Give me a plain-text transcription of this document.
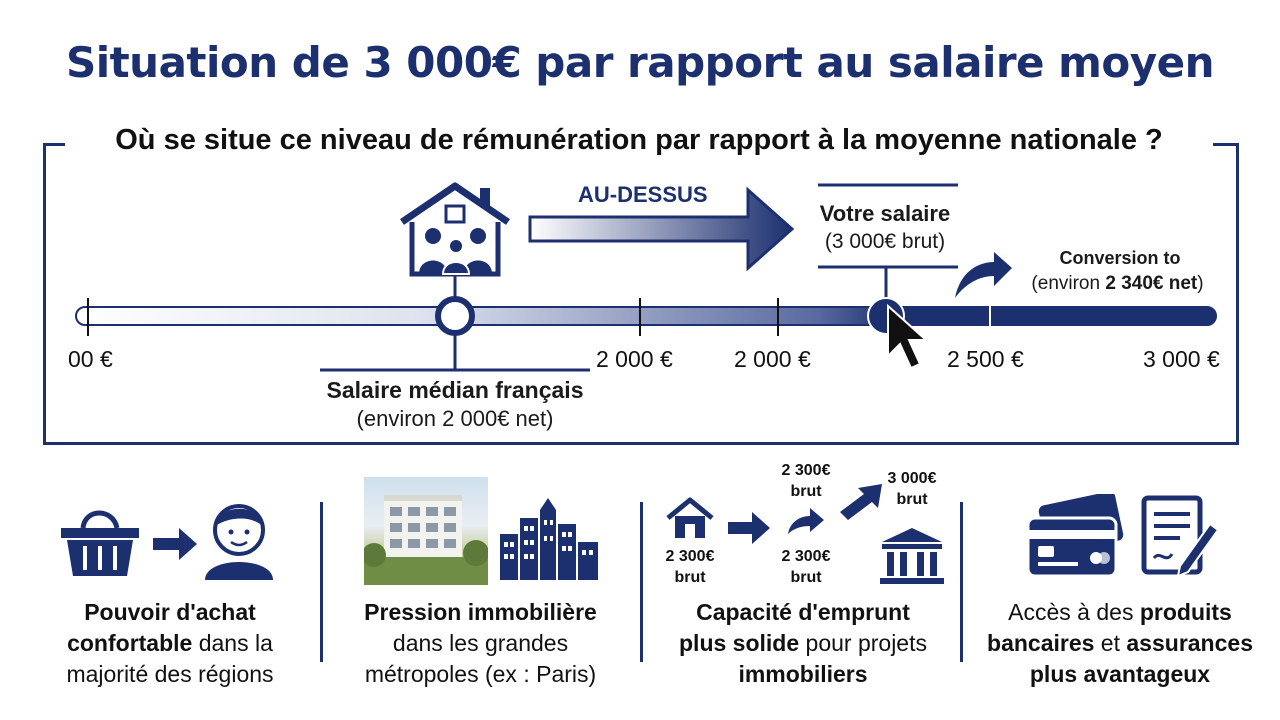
Situation de 3 000€ par rapport au salaire moyen
Où se situe ce niveau de rémunération par rapport à la moyenne nationale ?
AU-DESSUS
00 €	2 000 €	2 000 €	2 500 €	3 000 €
Salaire médian français
(environ 2 000€ net)
Votre salaire
(3 000€ brut)
Conversion to
(environ 2 340€ net)
Pouvoir d'achat
confortable dans la
majorité des régions
Pression immobilière
dans les grandes
métropoles (ex : Paris)
2 300€
brut
2 300€
brut
2 300€
brut
3 000€
brut
Capacité d'emprunt
plus solide pour projets
immobiliers
Accès à des produits
bancaires et assurances
plus avantageux
